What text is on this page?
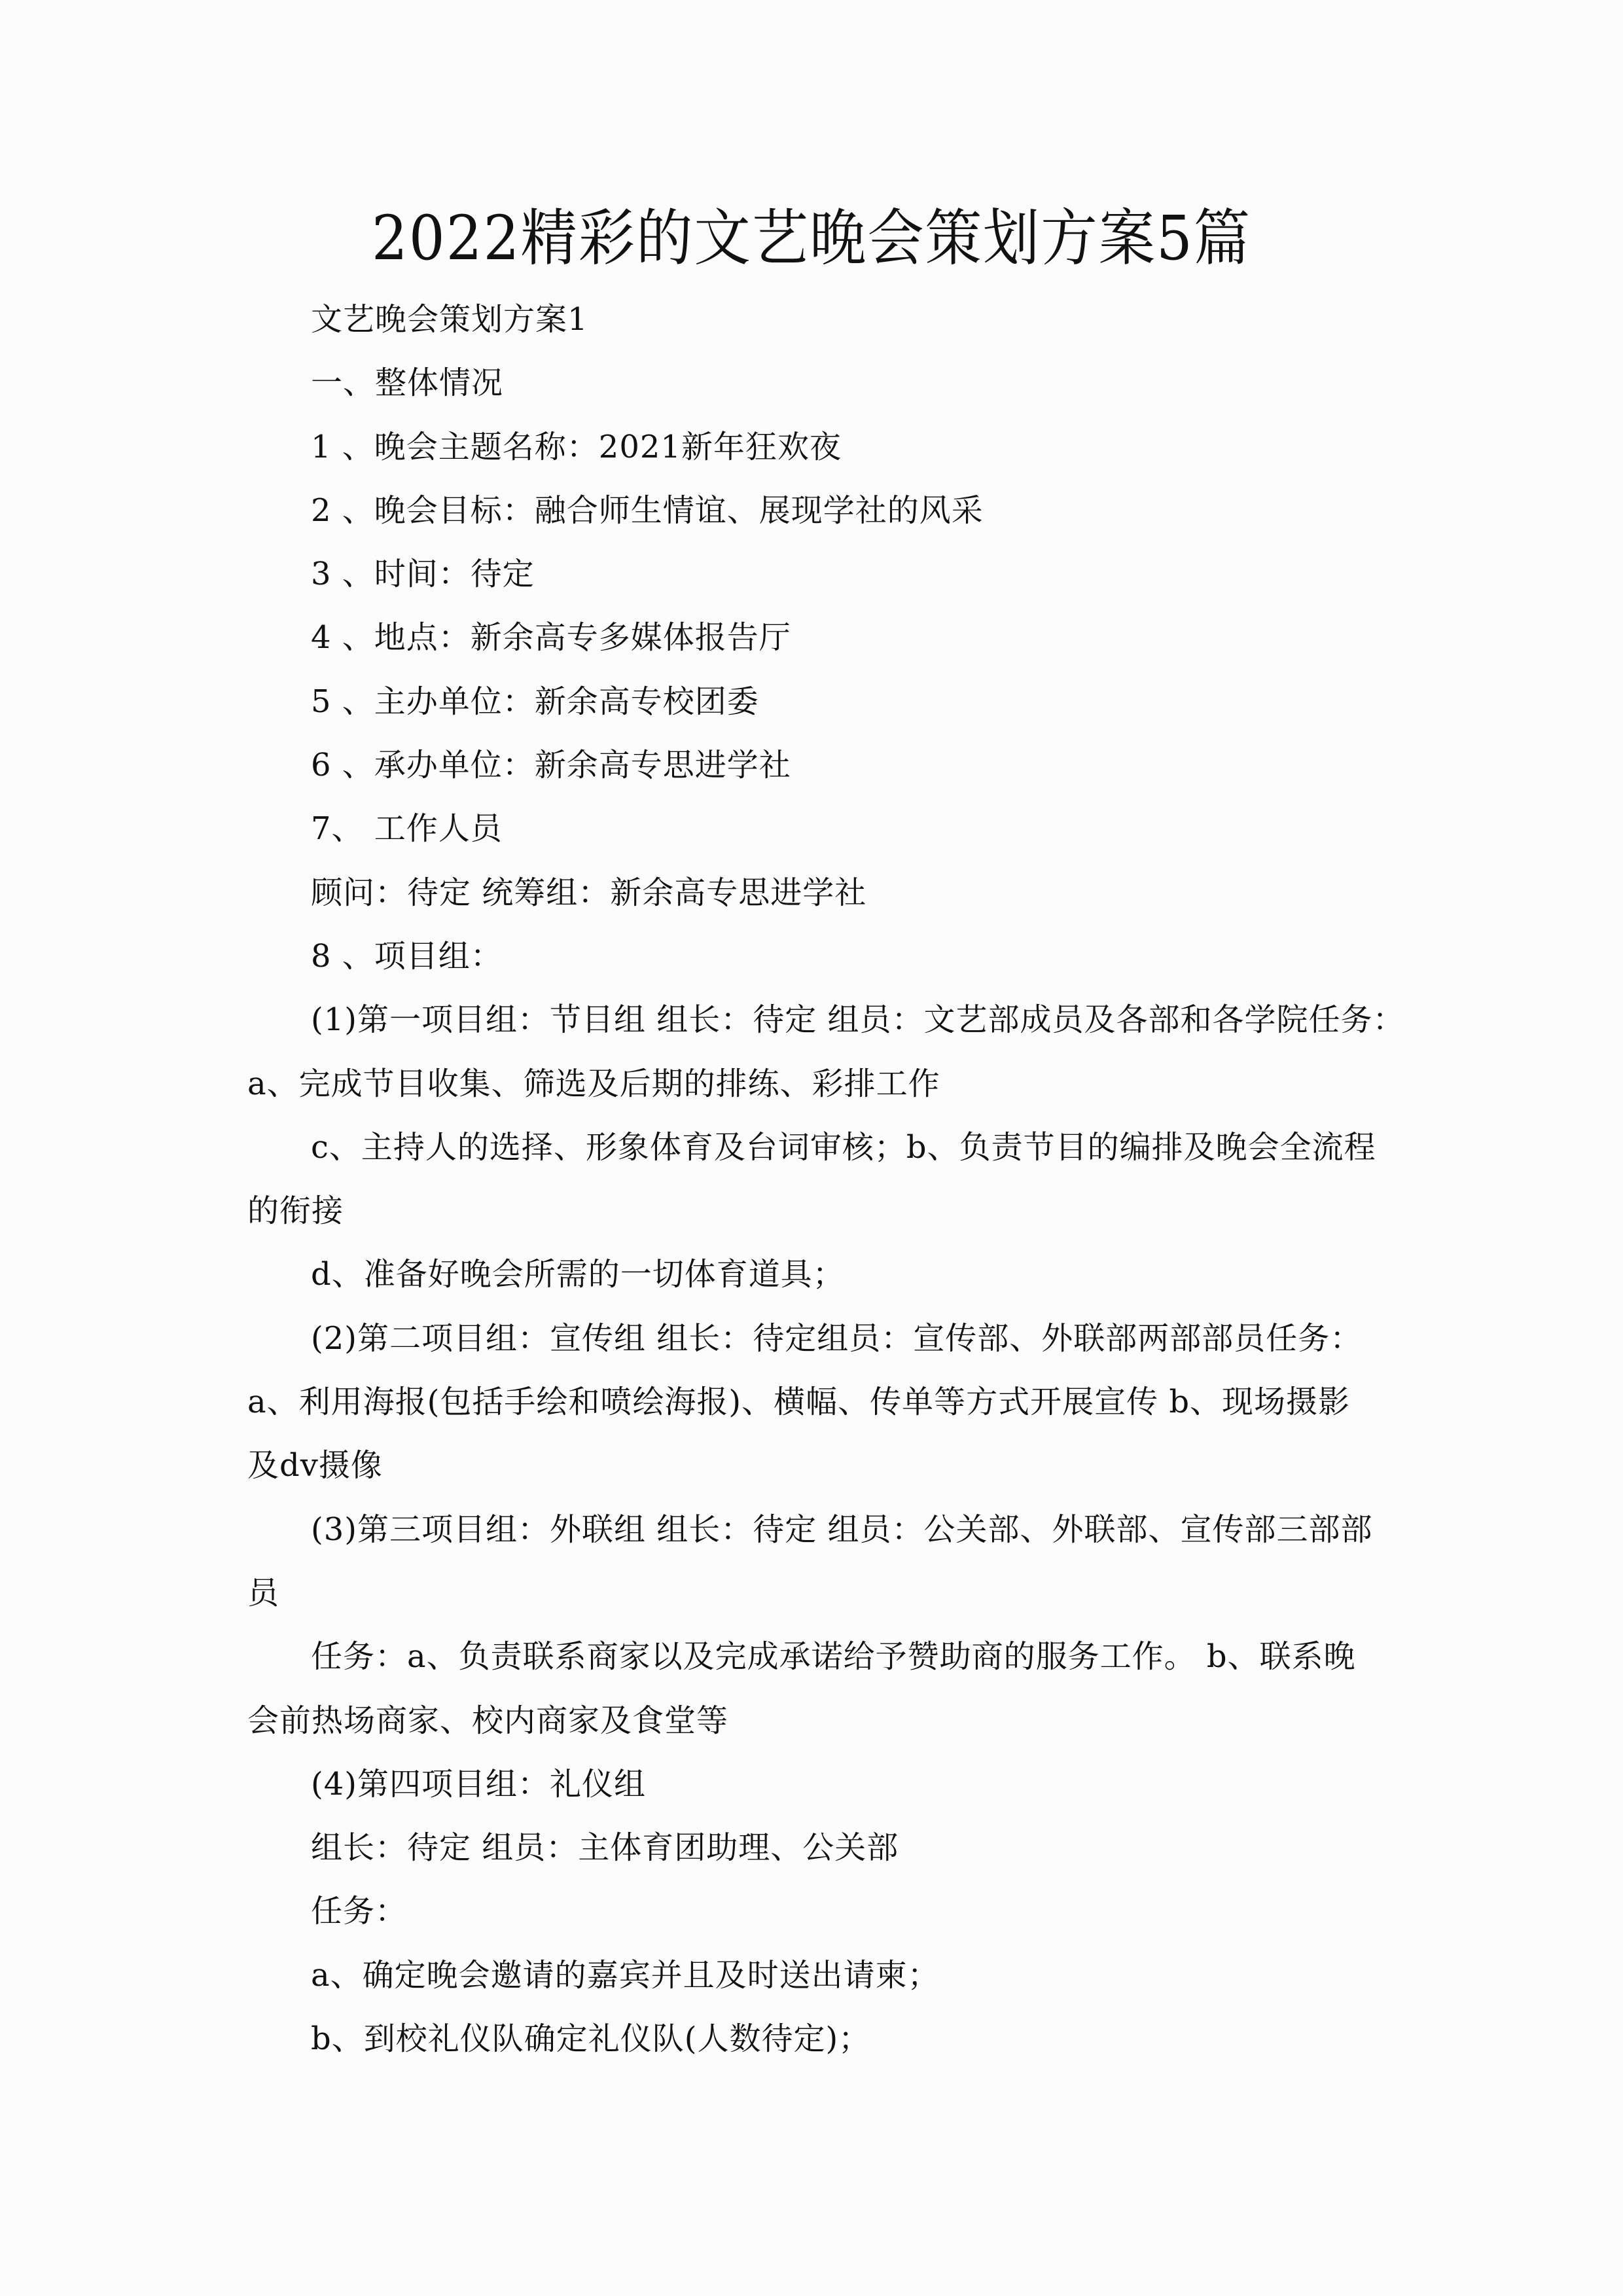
2022精彩的文艺晚会策划方案5篇
文艺晚会策划方案1
一、整体情况
1 、晚会主题名称：2021新年狂欢夜
2 、晚会目标：融合师生情谊、展现学社的风采
3 、时间：待定
4 、地点：新余高专多媒体报告厅
5 、主办单位：新余高专校团委
6 、承办单位：新余高专思进学社
7、 工作人员
顾问：待定 统筹组：新余高专思进学社
8 、项目组：
(1)第一项目组：节目组 组长：待定 组员：文艺部成员及各部和各学院任务：
a、完成节目收集、筛选及后期的排练、彩排工作
c、主持人的选择、形象体育及台词审核；b、负责节目的编排及晚会全流程
的衔接
d、准备好晚会所需的一切体育道具；
(2)第二项目组：宣传组 组长：待定组员：宣传部、外联部两部部员任务：
a、利用海报(包括手绘和喷绘海报)、横幅、传单等方式开展宣传 b、现场摄影
及dv摄像
(3)第三项目组：外联组 组长：待定 组员：公关部、外联部、宣传部三部部
员
任务：a、负责联系商家以及完成承诺给予赞助商的服务工作。 b、联系晚
会前热场商家、校内商家及食堂等
(4)第四项目组：礼仪组
组长：待定 组员：主体育团助理、公关部
任务：
a、确定晚会邀请的嘉宾并且及时送出请柬；
b、到校礼仪队确定礼仪队(人数待定)；
